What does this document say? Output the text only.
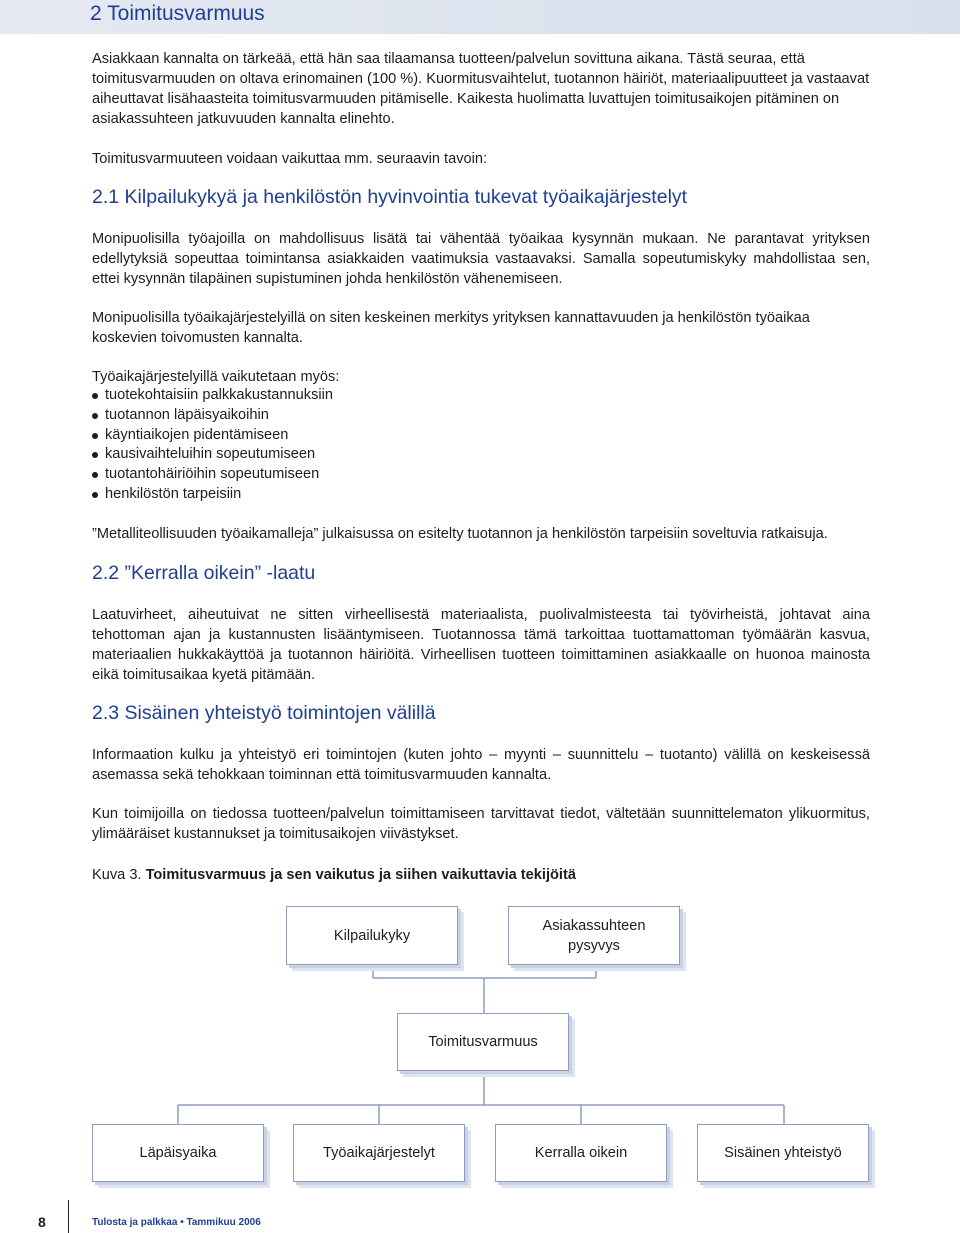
2 Toimitusvarmuus

Asiakkaan kannalta on tärkeää, että hän saa tilaamansa tuotteen/palvelun sovittuna aikana. Tästä seuraa, että toimitusvarmuuden on oltava erinomainen (100 %). Kuormitusvaihtelut, tuotannon häiriöt, materiaalipuutteet ja vastaavat aiheuttavat lisähaasteita toimitusvarmuuden pitämiselle. Kaikesta huolimatta luvattujen toimitusaikojen pitäminen on asiakassuhteen jatkuvuuden kannalta elinehto.

Toimitusvarmuuteen voidaan vaikuttaa mm. seuraavin tavoin:

2.1 Kilpailukykyä ja henkilöstön hyvinvointia tukevat työaikajärjestelyt

Monipuolisilla työajoilla on mahdollisuus lisätä tai vähentää työaikaa kysynnän mukaan. Ne parantavat yrityksen edellytyksiä sopeuttaa toimintansa asiakkaiden vaatimuksia vastaavaksi. Samalla sopeutumiskyky mahdollistaa sen, ettei kysynnän tilapäinen supistuminen johda henkilöstön vähenemiseen.

Monipuolisilla työaikajärjestelyillä on siten keskeinen merkitys yrityksen kannattavuuden ja henkilöstön työaikaa koskevien toivomusten kannalta.

Työaikajärjestelyillä vaikutetaan myös:

tuotekohtaisiin palkkakustannuksiin
tuotannon läpäisyaikoihin
käyntiaikojen pidentämiseen
kausivaihteluihin sopeutumiseen
tuotantohäiriöihin sopeutumiseen
henkilöstön tarpeisiin

”Metalliteollisuuden työaikamalleja” julkaisussa on esitelty tuotannon ja henkilöstön tarpeisiin soveltuvia ratkaisuja.

2.2 ”Kerralla oikein” -laatu

Laatuvirheet, aiheutuivat ne sitten virheellisestä materiaalista, puolivalmisteesta tai työvirheistä, johtavat aina tehottoman ajan ja kustannusten lisääntymiseen. Tuotannossa tämä tarkoittaa tuottamattoman työmäärän kasvua, materiaalien hukkakäyttöä ja tuotannon häiriöitä. Virheellisen tuotteen toimittaminen asiakkaalle on huonoa mainosta eikä toimitusaikaa kyetä pitämään.

2.3 Sisäinen yhteistyö toimintojen välillä

Informaation kulku ja yhteistyö eri toimintojen (kuten johto – myynti – suunnittelu – tuotanto) välillä on keskeisessä asemassa sekä tehokkaan toiminnan että toimitusvarmuuden kannalta.

Kun toimijoilla on tiedossa tuotteen/palvelun toimittamiseen tarvittavat tiedot, vältetään suunnittelematon ylikuormitus, ylimääräiset kustannukset ja toimitusaikojen viivästykset.

Kuva 3. Toimitusvarmuus ja sen vaikutus ja siihen vaikuttavia tekijöitä

Kilpailukyky
Asiakassuhteen pysyvys
Toimitusvarmuus
Läpäisyaika	Työaikajärjestelyt	Kerralla oikein	Sisäinen yhteistyö

8	Tulosta ja palkkaa • Tammikuu 2006
